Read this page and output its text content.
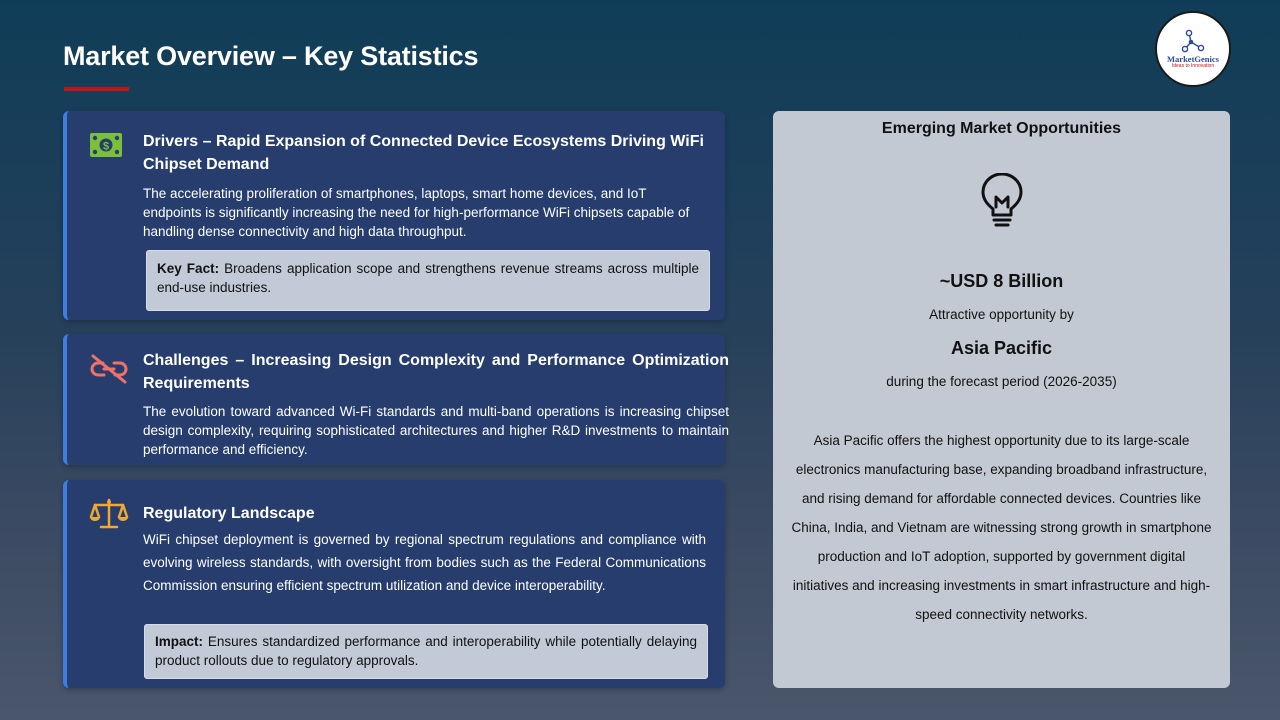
Market Overview – Key Statistics	MarketGenics
Ideas to Innovation
$ Drivers – Rapid Expansion of Connected Device Ecosystems Driving WiFi Chipset Demand
The accelerating proliferation of smartphones, laptops, smart home devices, and IoT endpoints is significantly increasing the need for high-performance WiFi chipsets capable of handling dense connectivity and high data throughput.
Key Fact: Broadens application scope and strengthens revenue streams across multiple end-use industries.
Challenges – Increasing Design Complexity and Performance Optimization Requirements
The evolution toward advanced Wi-Fi standards and multi-band operations is increasing chipset design complexity, requiring sophisticated architectures and higher R&D investments to maintain performance and efficiency.
Regulatory Landscape
WiFi chipset deployment is governed by regional spectrum regulations and compliance with evolving wireless standards, with oversight from bodies such as the Federal Communications Commission ensuring efficient spectrum utilization and device interoperability.
Impact: Ensures standardized performance and interoperability while potentially delaying product rollouts due to regulatory approvals.
Emerging Market Opportunities
~USD 8 Billion
Attractive opportunity by
Asia Pacific
during the forecast period (2026-2035)
Asia Pacific offers the highest opportunity due to its large-scale electronics manufacturing base, expanding broadband infrastructure, and rising demand for affordable connected devices. Countries like China, India, and Vietnam are witnessing strong growth in smartphone production and IoT adoption, supported by government digital initiatives and increasing investments in smart infrastructure and high-speed connectivity networks.
